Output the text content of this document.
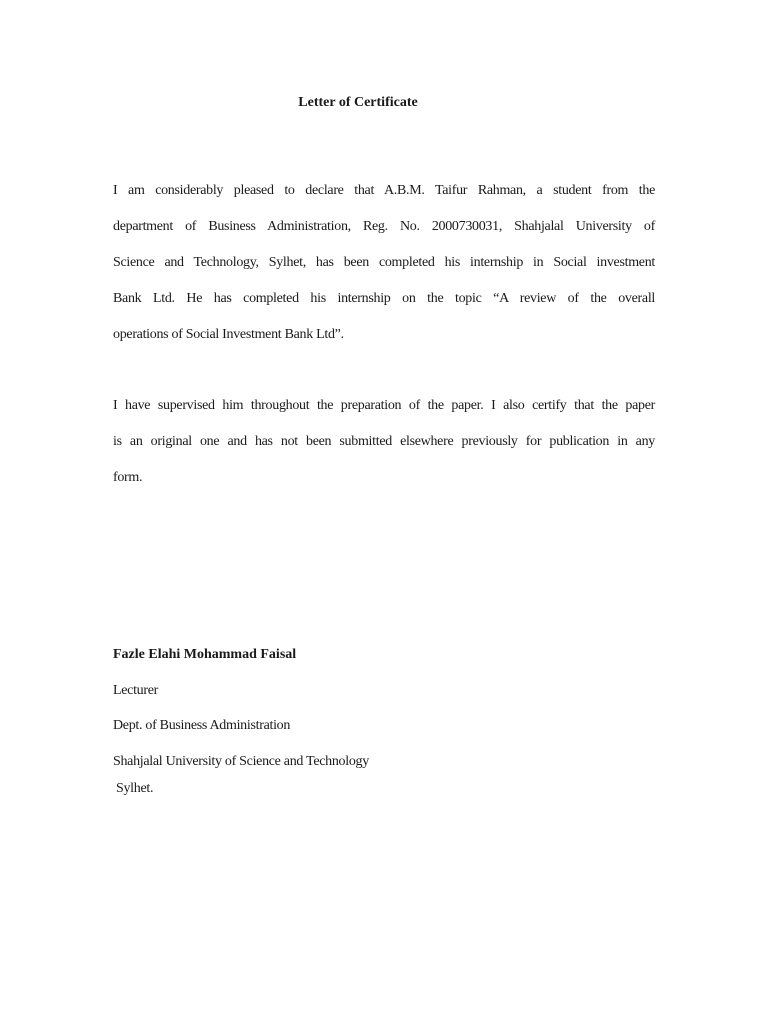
Letter of Certificate
I am considerably pleased to declare that A.B.M. Taifur Rahman, a student from the
department of Business Administration, Reg. No. 2000730031, Shahjalal University of
Science and Technology, Sylhet, has been completed his internship in Social investment
Bank Ltd. He has completed his internship on the topic “A review of the overall
operations of Social Investment Bank Ltd”.
I have supervised him throughout the preparation of the paper. I also certify that the paper
is an original one and has not been submitted elsewhere previously for publication in any
form.
Fazle Elahi Mohammad Faisal
Lecturer
Dept. of Business Administration
Shahjalal University of Science and Technology
Sylhet.
